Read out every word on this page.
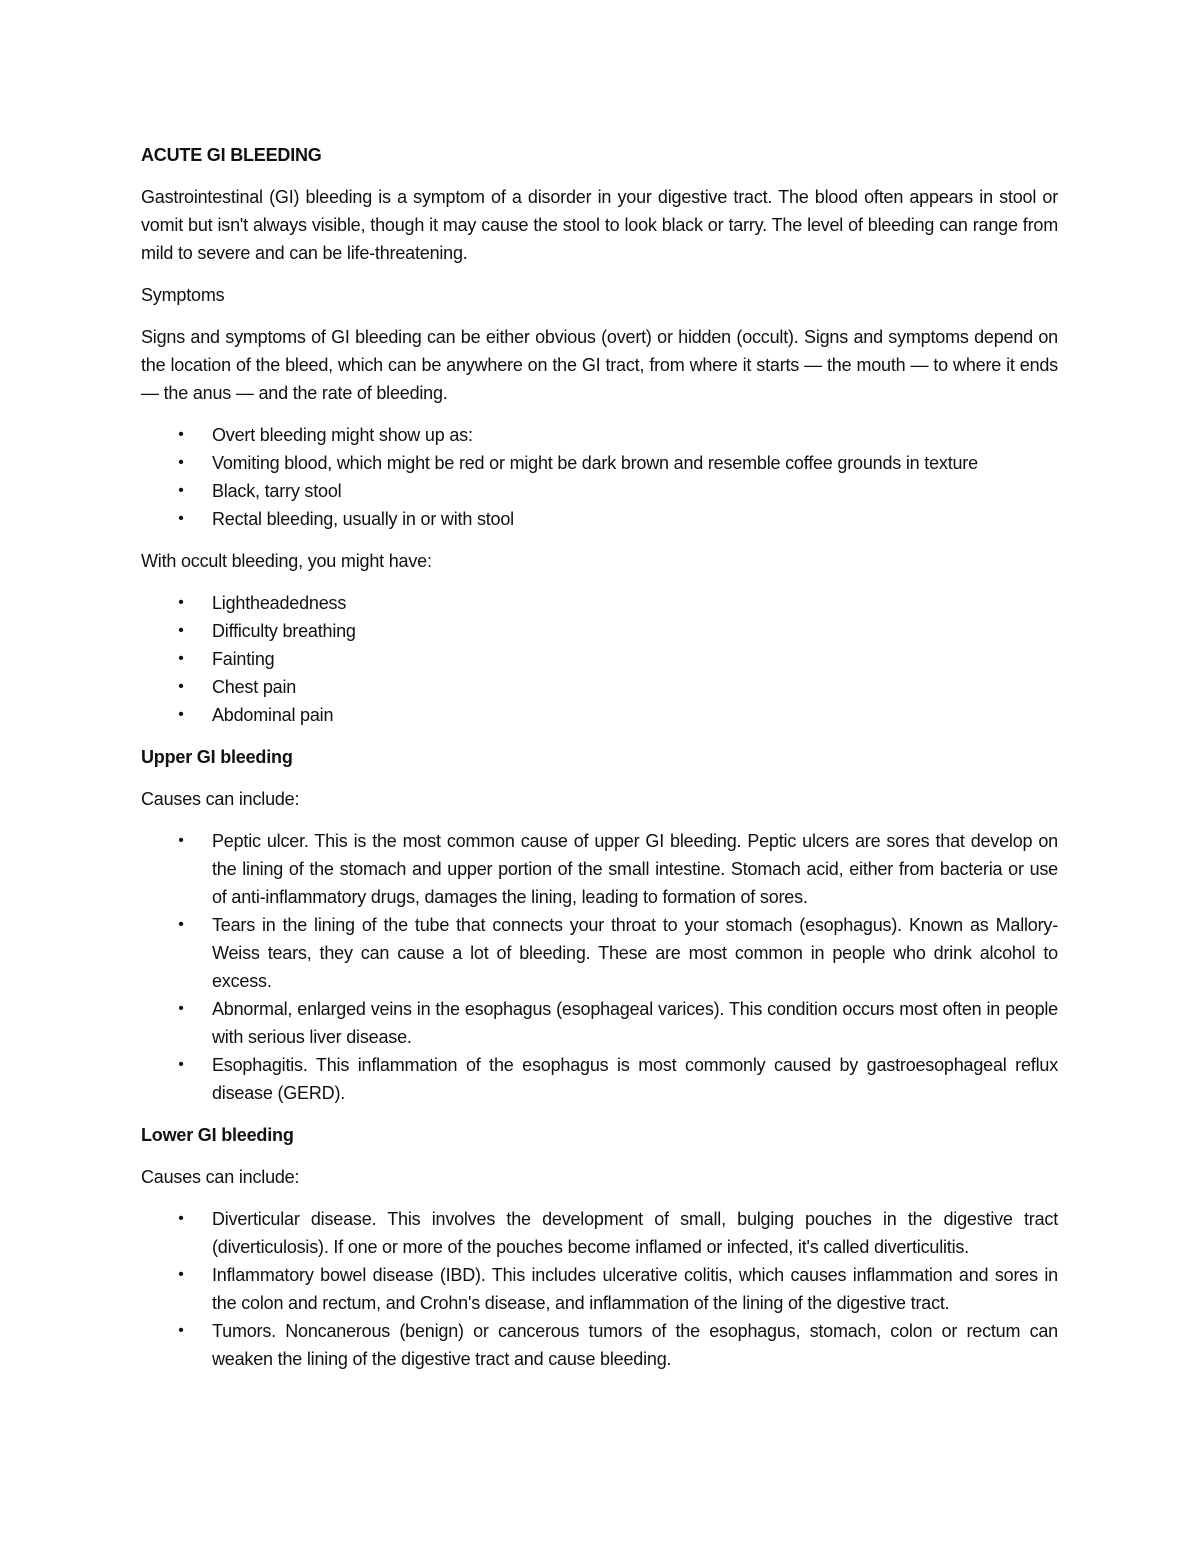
ACUTE GI BLEEDING

Gastrointestinal (GI) bleeding is a symptom of a disorder in your digestive tract. The blood often appears in stool or vomit but isn't always visible, though it may cause the stool to look black or tarry. The level of bleeding can range from mild to severe and can be life-threatening.

Symptoms

Signs and symptoms of GI bleeding can be either obvious (overt) or hidden (occult). Signs and symptoms depend on the location of the bleed, which can be anywhere on the GI tract, from where it starts — the mouth — to where it ends — the anus — and the rate of bleeding.

• Overt bleeding might show up as:
• Vomiting blood, which might be red or might be dark brown and resemble coffee grounds in texture
• Black, tarry stool
• Rectal bleeding, usually in or with stool

With occult bleeding, you might have:

• Lightheadedness
• Difficulty breathing
• Fainting
• Chest pain
• Abdominal pain
Upper GI bleeding

Causes can include:

• Peptic ulcer. This is the most common cause of upper GI bleeding. Peptic ulcers are sores that develop on the lining of the stomach and upper portion of the small intestine. Stomach acid, either from bacteria or use of anti-inflammatory drugs, damages the lining, leading to formation of sores.
• Tears in the lining of the tube that connects your throat to your stomach (esophagus). Known as Mallory-Weiss tears, they can cause a lot of bleeding. These are most common in people who drink alcohol to excess.
• Abnormal, enlarged veins in the esophagus (esophageal varices). This condition occurs most often in people with serious liver disease.
• Esophagitis. This inflammation of the esophagus is most commonly caused by gastroesophageal reflux disease (GERD).
Lower GI bleeding

Causes can include:

• Diverticular disease. This involves the development of small, bulging pouches in the digestive tract (diverticulosis). If one or more of the pouches become inflamed or infected, it's called diverticulitis.
• Inflammatory bowel disease (IBD). This includes ulcerative colitis, which causes inflammation and sores in the colon and rectum, and Crohn's disease, and inflammation of the lining of the digestive tract.
• Tumors. Noncanerous (benign) or cancerous tumors of the esophagus, stomach, colon or rectum can weaken the lining of the digestive tract and cause bleeding.
